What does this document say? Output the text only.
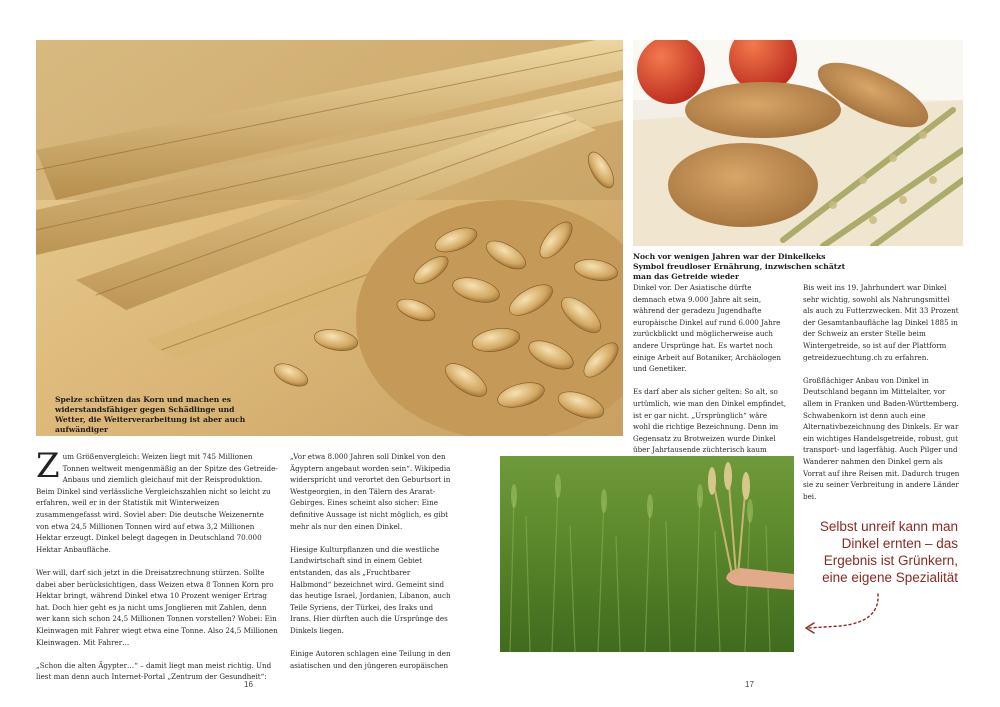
Spelze schützen das Korn und machen es widerstandsfähiger gegen Schädlinge und Wetter, die Weiterverarbeitung ist aber auch aufwändiger

Zum Größenvergleich: Weizen liegt mit 745 Millionen Tonnen weltweit mengenmäßig an der Spitze des Getreide-Anbaus und ziemlich gleichauf mit der Reisproduktion. Beim Dinkel sind verlässliche Vergleichszahlen nicht so leicht zu erfahren, weil er in der Statistik mit Winterweizen zusammengefasst wird. Soviel aber: Die deutsche Weizenernte von etwa 24,5 Millionen Tonnen wird auf etwa 3,2 Millionen Hektar erzeugt. Dinkel belegt dagegen in Deutschland 70.000 Hektar Anbaufläche.

Wer will, darf sich jetzt in die Dreisatzrechnung stürzen. Sollte dabei aber berücksichtigen, dass Weizen etwa 8 Tonnen Korn pro Hektar bringt, während Dinkel etwa 10 Prozent weniger Ertrag hat. Doch hier geht es ja nicht ums Jonglieren mit Zahlen, denn wer kann sich schon 24,5 Millionen Tonnen vorstellen? Wobei: Ein Kleinwagen mit Fahrer wiegt etwa eine Tonne. Also 24,5 Millionen Kleinwagen. Mit Fahrer…

„Schon die alten Ägypter…“ – damit liegt man meist richtig. Und liest man denn auch Internet-Portal „Zentrum der Gesundheit“:

„Vor etwa 8.000 Jahren soll Dinkel von den Ägyptern angebaut worden sein“. Wikipedia widerspricht und verortet den Geburtsort in Westgeorgien, in den Tälern des Ararat-Gebirges. Eines scheint also sicher: Eine definitive Aussage ist nicht möglich, es gibt mehr als nur den einen Dinkel.

Hiesige Kulturpflanzen und die westliche Landwirtschaft sind in einem Gebiet entstanden, das als „Fruchtbarer Halbmond“ bezeichnet wird. Gemeint sind das heutige Israel, Jordanien, Libanon, auch Teile Syriens, der Türkei, des Iraks und Irans. Hier dürften auch die Ursprünge des Dinkels liegen.

Einige Autoren schlagen eine Teilung in den asiatischen und den jüngeren europäischen

16
Noch vor wenigen Jahren war der Dinkelkeks Symbol freudloser Ernährung, inzwischen schätzt man das Getreide wieder

Dinkel vor. Der Asiatische dürfte demnach etwa 9.000 Jahre alt sein, während der geradezu Jugendhafte europäische Dinkel auf rund 6.000 Jahre zurückblickt und möglicherweise auch andere Ursprünge hat. Es wartet noch einige Arbeit auf Botaniker, Archäologen und Genetiker.

Es darf aber als sicher gelten: So alt, so urtümlich, wie man den Dinkel empfindet, ist er gar nicht. „Ursprünglich“ wäre wohl die richtige Bezeichnung. Denn im Gegensatz zu Brotweizen wurde Dinkel über Jahrtausende züchterisch kaum

Bis weit ins 19. Jahrhundert war Dinkel sehr wichtig, sowohl als Nahrungsmittel als auch zu Futterzwecken. Mit 33 Prozent der Gesamtanbaufläche lag Dinkel 1885 in der Schweiz an erster Stelle beim Wintergetreide, so ist auf der Plattform getreidezuechtung.ch zu erfahren.

Großflächiger Anbau von Dinkel in Deutschland begann im Mittelalter, vor allem in Franken und Baden-Württemberg. Schwabenkorn ist denn auch eine Alternativbezeichnung des Dinkels. Er war ein wichtiges Handelsgetreide, robust, gut transport- und lagerfähig. Auch Pilger und Wanderer nahmen den Dinkel gern als Vorrat auf ihre Reisen mit. Dadurch trugen sie zu seiner Verbreitung in andere Länder bei.

Selbst unreif kann man
Dinkel ernten – das
Ergebnis ist Grünkern,
eine eigene Spezialität
17
